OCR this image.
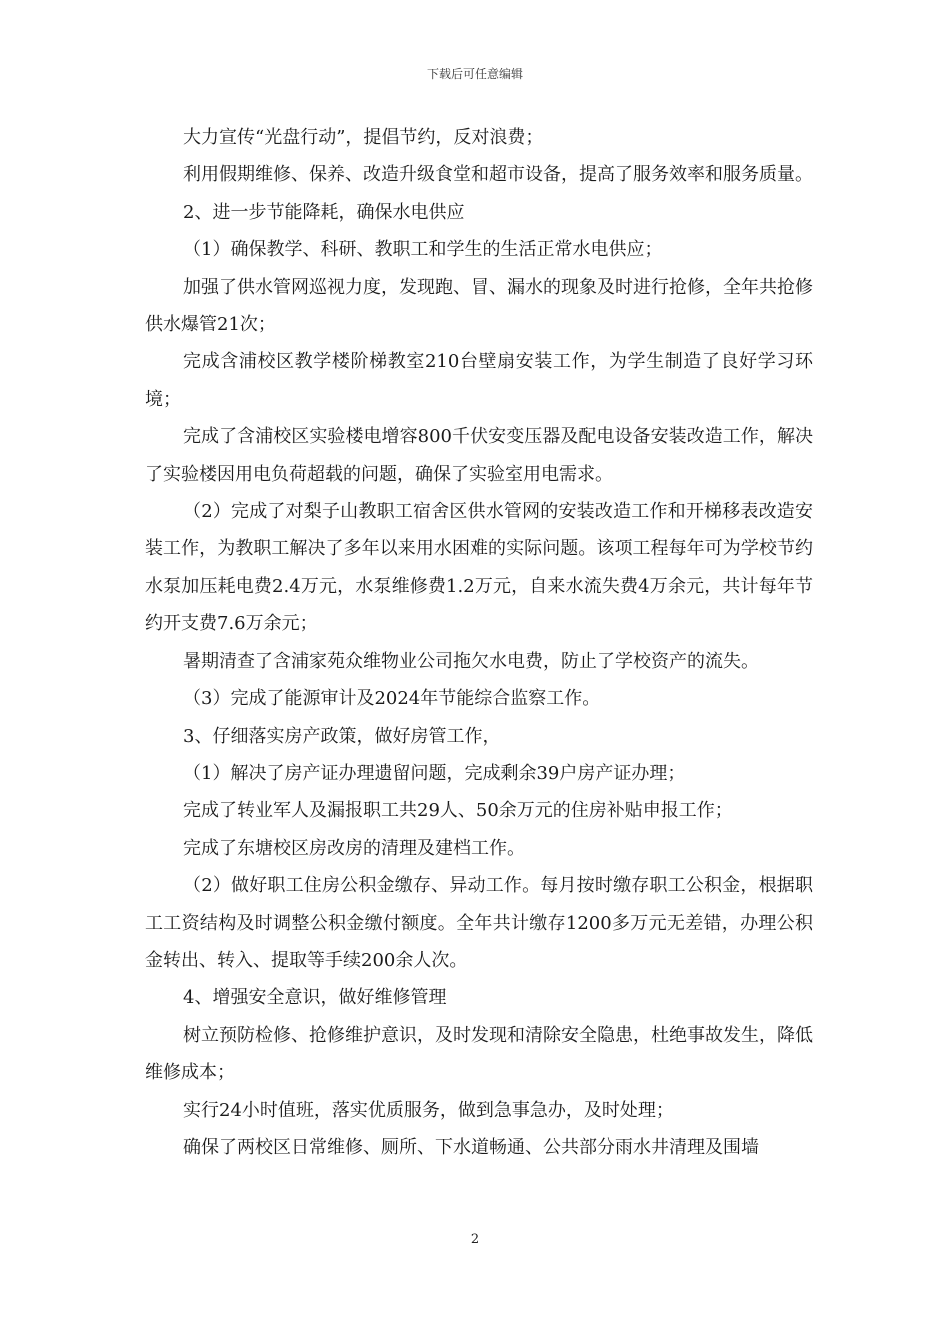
下载后可任意编辑

大力宣传“光盘行动”，提倡节约，反对浪费；

利用假期维修、保养、改造升级食堂和超市设备，提高了服务效率和服务质量。

2、进一步节能降耗，确保水电供应

（1）确保教学、科研、教职工和学生的生活正常水电供应；

加强了供水管网巡视力度，发现跑、冒、漏水的现象及时进行抢修，全年共抢修供水爆管21次；

完成含浦校区教学楼阶梯教室210台壁扇安装工作，为学生制造了良好学习环境；

完成了含浦校区实验楼电增容800千伏安变压器及配电设备安装改造工作，解决了实验楼因用电负荷超载的问题，确保了实验室用电需求。

（2）完成了对梨子山教职工宿舍区供水管网的安装改造工作和开梯移表改造安装工作，为教职工解决了多年以来用水困难的实际问题。该项工程每年可为学校节约水泵加压耗电费2.4万元，水泵维修费1.2万元，自来水流失费4万余元，共计每年节约开支费7.6万余元；

暑期清查了含浦家苑众维物业公司拖欠水电费，防止了学校资产的流失。

（3）完成了能源审计及2024年节能综合监察工作。

3、仔细落实房产政策，做好房管工作，

（1）解决了房产证办理遗留问题，完成剩余39户房产证办理；

完成了转业军人及漏报职工共29人、50余万元的住房补贴申报工作；

完成了东塘校区房改房的清理及建档工作。

（2）做好职工住房公积金缴存、异动工作。每月按时缴存职工公积金，根据职工工资结构及时调整公积金缴付额度。全年共计缴存1200多万元无差错，办理公积金转出、转入、提取等手续200余人次。

4、增强安全意识，做好维修管理

树立预防检修、抢修维护意识，及时发现和清除安全隐患，杜绝事故发生，降低维修成本；

实行24小时值班，落实优质服务，做到急事急办，及时处理；

确保了两校区日常维修、厕所、下水道畅通、公共部分雨水井清理及围墙

2
